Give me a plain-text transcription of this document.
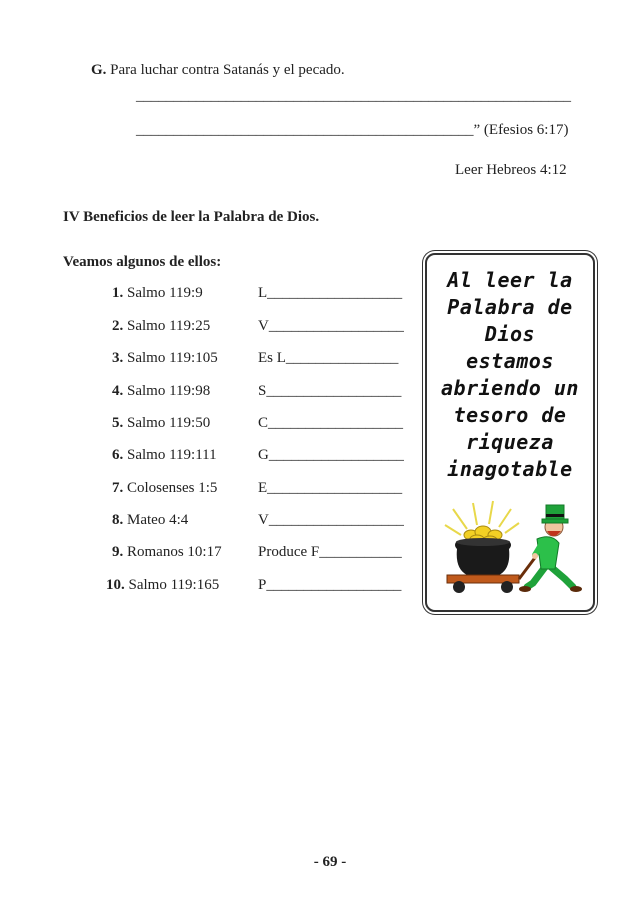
G. Para luchar contra Satanás y el pecado.
__________________________________________________________
_____________________________________________” (Efesios 6:17)
Leer Hebreos 4:12
IV Beneficios de leer la Palabra de Dios.
Veamos algunos de ellos:
1. Salmo 119:9	L__________________
2. Salmo 119:25	V__________________
3. Salmo 119:105	Es L_______________
4. Salmo 119:98	S__________________
5. Salmo 119:50	C__________________
6. Salmo 119:111	G__________________
7. Colosenses 1:5	E__________________
8. Mateo 4:4	V__________________
9. Romanos 10:17 Produce F___________
10. Salmo 119:165	P__________________
Al leer la
Palabra de
Dios
estamos
abriendo un
tesoro de
riqueza
inagotable
- 69 -
